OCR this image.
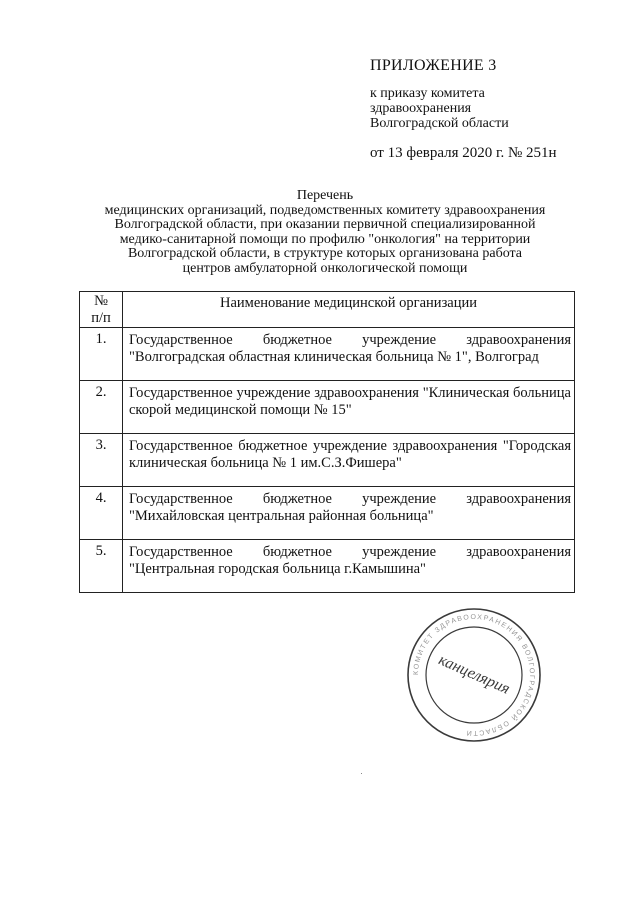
ПРИЛОЖЕНИЕ 3
к приказу комитета
здравоохранения
Волгоградской области
от 13 февраля 2020 г. № 251н
Перечень
медицинских организаций, подведомственных комитету здравоохранения
Волгоградской области, при оказании первичной специализированной
медико-санитарной помощи по профилю "онкология" на территории
Волгоградской области, в структуре которых организована работа
центров амбулаторной онкологической помощи
№
п/п	Наименование медицинской организации
1.	Государственное бюджетное учреждение здравоохранения "Волгоградская областная клиническая больница № 1", Волгоград
2.	Государственное учреждение здравоохранения "Клиническая больница скорой медицинской помощи № 15"
3.	Государственное бюджетное учреждение здравоохранения "Городская клиническая больница № 1 им.С.З.Фишера"
4.	Государственное бюджетное учреждение здравоохранения "Михайловская центральная районная больница"
5.	Государственное бюджетное учреждение здравоохранения "Центральная городская больница г.Камышина"
КОМИТЕТ ЗДРАВООХРАНЕНИЯ ВОЛГОГРАДСКОЙ ОБЛАСТИ
канцелярия
